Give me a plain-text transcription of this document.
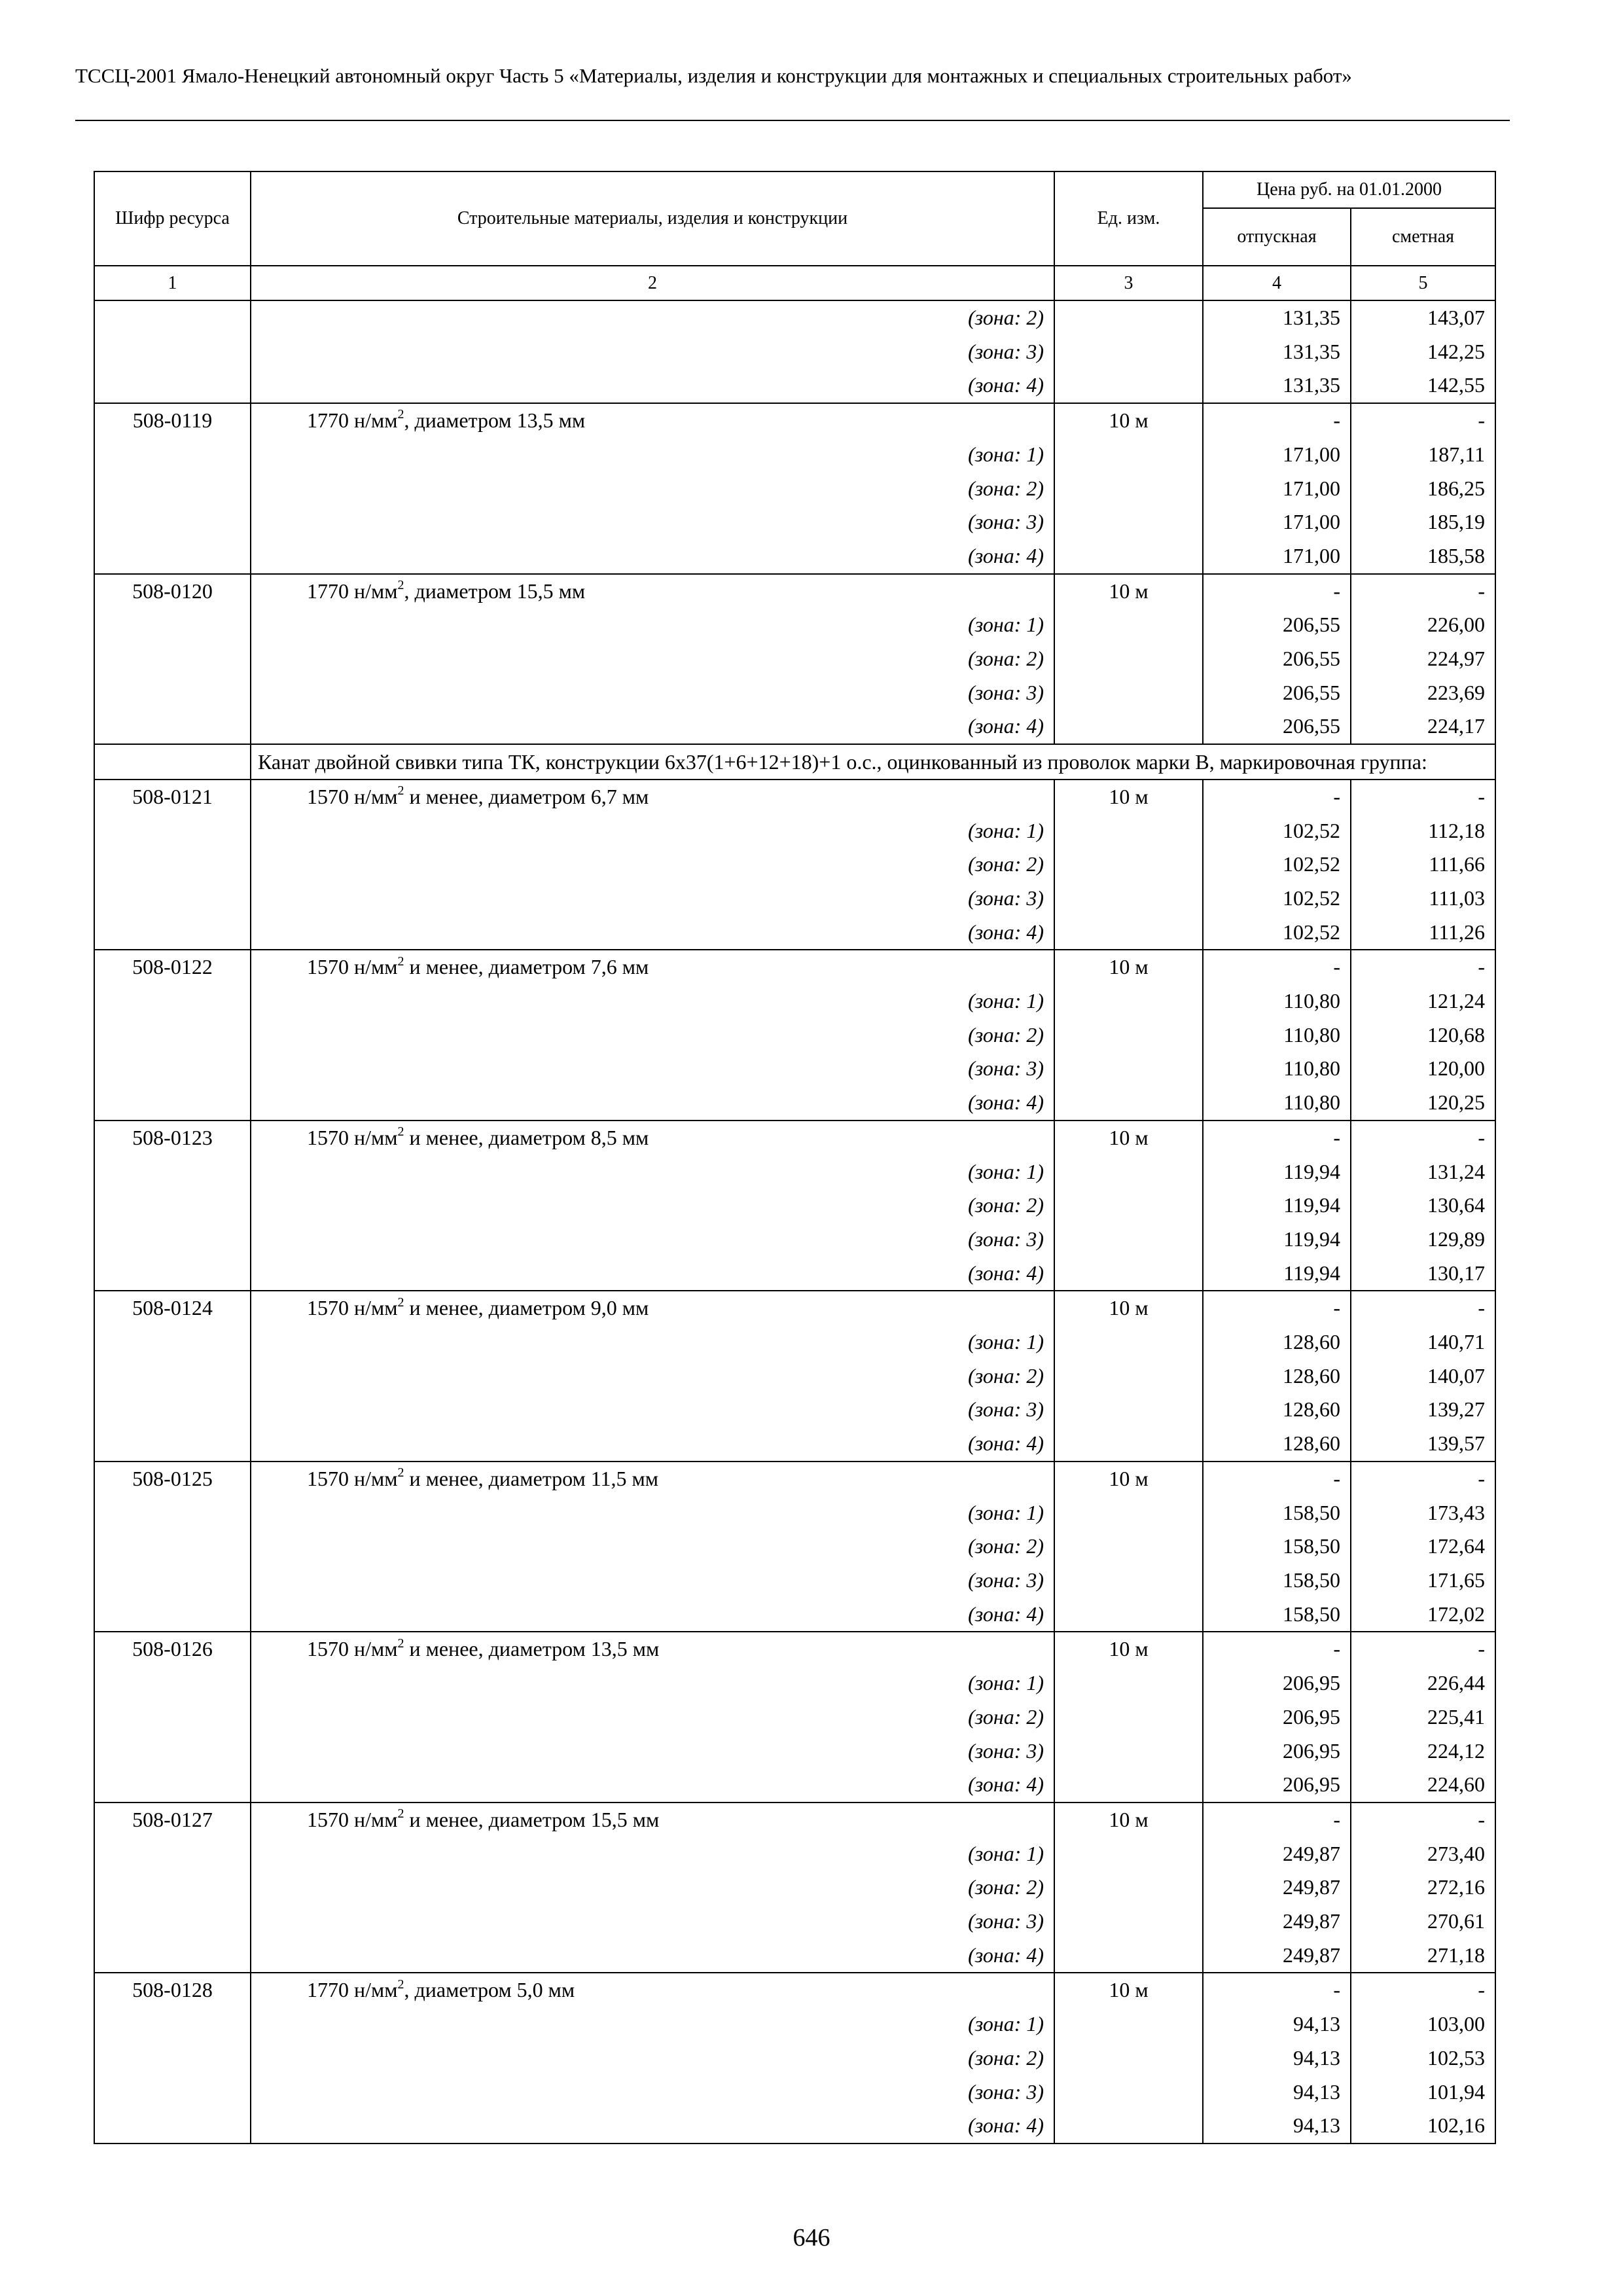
ТССЦ-2001 Ямало-Ненецкий автономный округ Часть 5 «Материалы, изделия и конструкции для монтажных и специальных строительных работ»
Шифр ресурса	Строительные материалы, изделия и конструкции	Ед. изм.	Цена руб. на 01.01.2000	
			отпускная	сметная
1	2	3	4	5
	(зона: 2)		131,35	143,07
	(зона: 3)		131,35	142,25
	(зона: 4)		131,35	142,55
508-0119	1770 $н/мм^2$, диаметром 13,5 мм	10 м	-	-
	(зона: 1)		171,00	187,11
	(зона: 2)		171,00	186,25
	(зона: 3)		171,00	185,19
	(зона: 4)		171,00	185,58
508-0120	1770 $н/мм^2$, диаметром 15,5 мм	10 м	-	-
	(зона: 1)		206,55	226,00
	(зона: 2)		206,55	224,97
	(зона: 3)		206,55	223,69
	(зона: 4)		206,55	224,17
	Канат двойной свивки типа ТК, конструкции 6х37(1+6+12+18)+1 о.с., оцинкованный из проволок марки В, маркировочная группа:			
508-0121	1570 $н/мм^2$ и менее, диаметром 6,7 мм	10 м	-	-
	(зона: 1)		102,52	112,18
	(зона: 2)		102,52	111,66
	(зона: 3)		102,52	111,03
	(зона: 4)		102,52	111,26
508-0122	1570 $н/мм^2$ и менее, диаметром 7,6 мм	10 м	-	-
	(зона: 1)		110,80	121,24
	(зона: 2)		110,80	120,68
	(зона: 3)		110,80	120,00
	(зона: 4)		110,80	120,25
508-0123	1570 $н/мм^2$ и менее, диаметром 8,5 мм	10 м	-	-
	(зона: 1)		119,94	131,24
	(зона: 2)		119,94	130,64
	(зона: 3)		119,94	129,89
	(зона: 4)		119,94	130,17
508-0124	1570 $н/мм^2$ и менее, диаметром 9,0 мм	10 м	-	-
	(зона: 1)		128,60	140,71
	(зона: 2)		128,60	140,07
	(зона: 3)		128,60	139,27
	(зона: 4)		128,60	139,57
508-0125	1570 $н/мм^2$ и менее, диаметром 11,5 мм	10 м	-	-
	(зона: 1)		158,50	173,43
	(зона: 2)		158,50	172,64
	(зона: 3)		158,50	171,65
	(зона: 4)		158,50	172,02
508-0126	1570 $н/мм^2$ и менее, диаметром 13,5 мм	10 м	-	-
	(зона: 1)		206,95	226,44
	(зона: 2)		206,95	225,41
	(зона: 3)		206,95	224,12
	(зона: 4)		206,95	224,60
508-0127	1570 $н/мм^2$ и менее, диаметром 15,5 мм	10 м	-	-
	(зона: 1)		249,87	273,40
	(зона: 2)		249,87	272,16
	(зона: 3)		249,87	270,61
	(зона: 4)		249,87	271,18
508-0128	1770 $н/мм^2$, диаметром 5,0 мм	10 м	-	-
	(зона: 1)		94,13	103,00
	(зона: 2)		94,13	102,53
	(зона: 3)		94,13	101,94
	(зона: 4)		94,13	102,16
646
